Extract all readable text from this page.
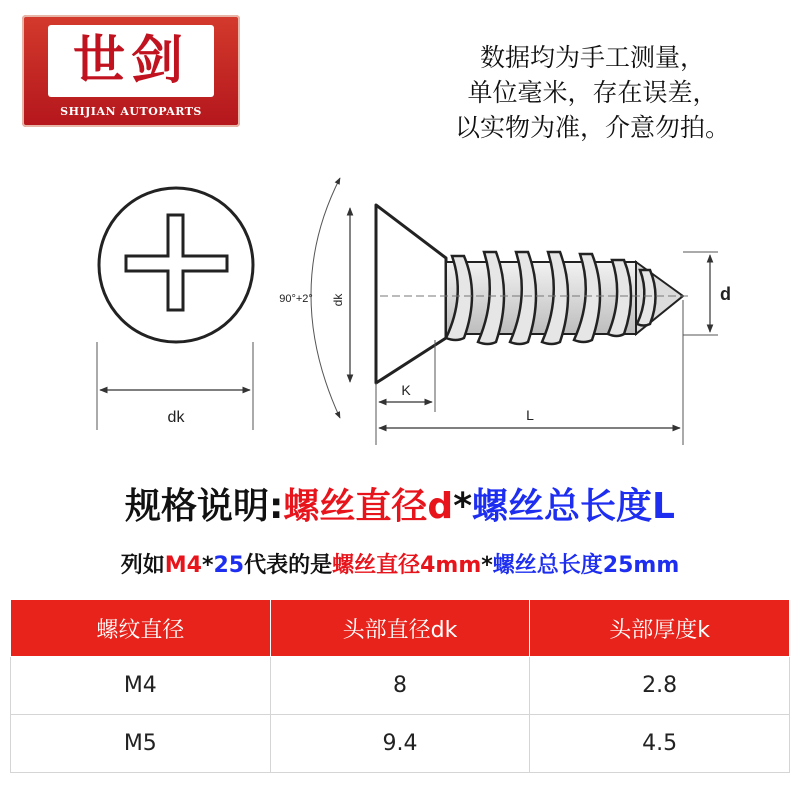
世剑
SHIJIAN AUTOPARTS
数据均为手工测量，
单位毫米，存在误差，
以实物为准，介意勿拍。
dk
90°+2° dk	d
K
L
规格说明:螺丝直径d*螺丝总长度L
列如M4*25代表的是螺丝直径4mm*螺丝总长度25mm
螺纹直径	头部直径dk	头部厚度k
M4	8	2.8
M5	9.4	4.5
